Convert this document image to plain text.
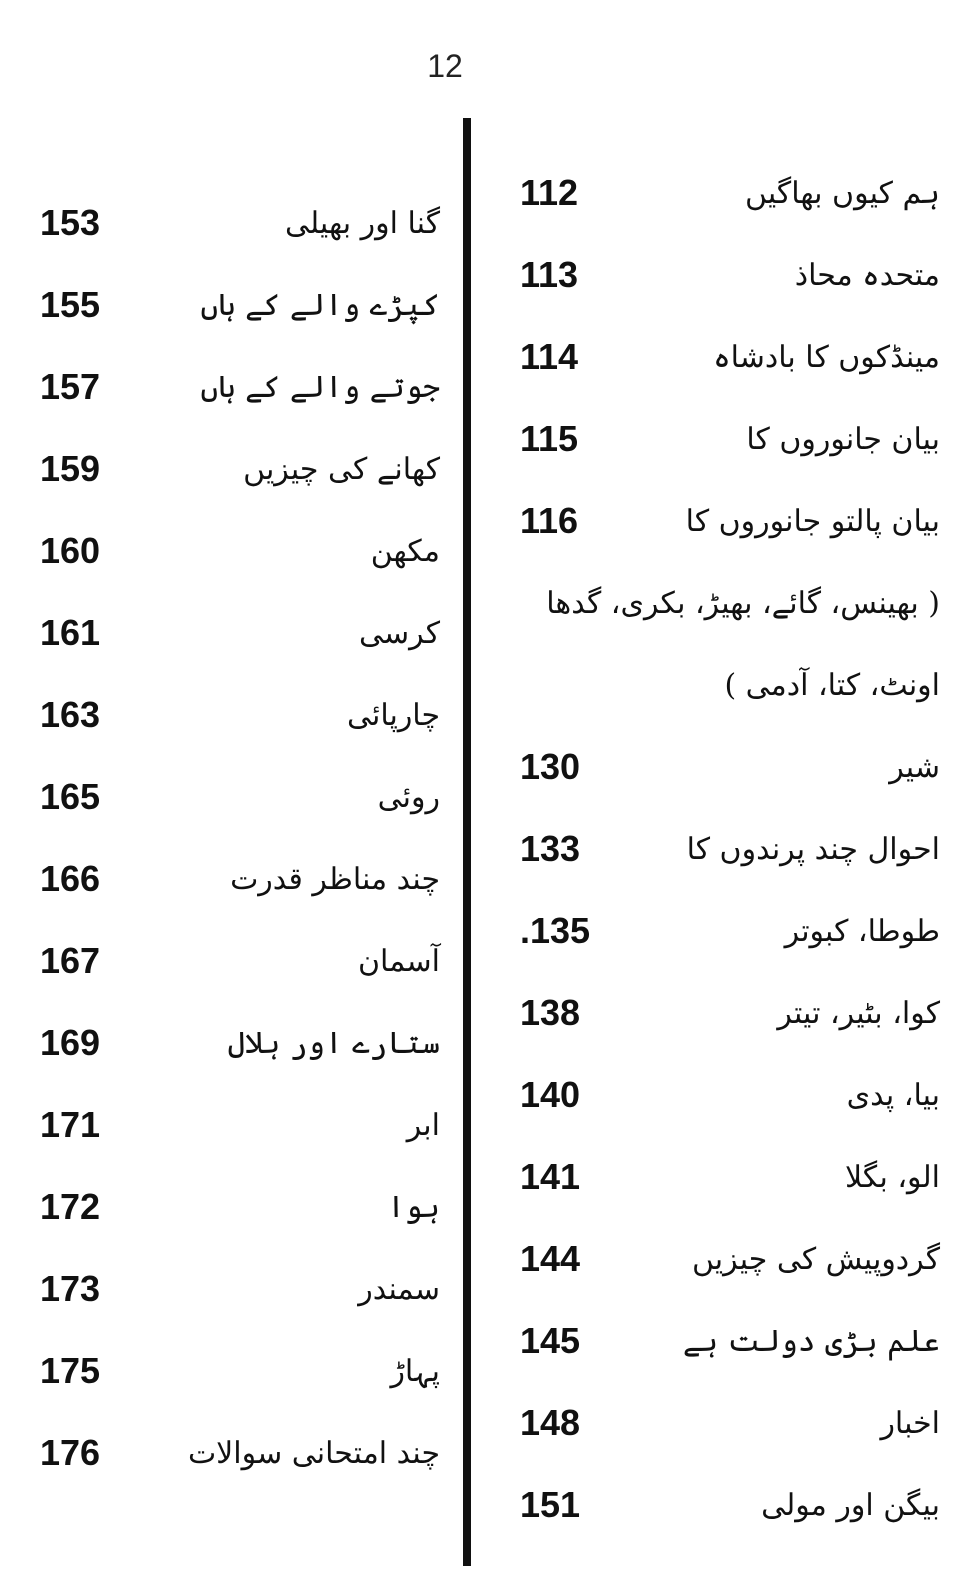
12
112	ہم کیوں بھاگیں
113	متحدہ محاذ
114	مینڈکوں کا بادشاہ
115	بیان جانوروں کا
116	بیان پالتو جانوروں کا
( بھینس، گائے، بھیڑ، بکری، گدھا
اونٹ، کتا، آدمی )
130	شیر
133	احوال چند پرندوں کا
.135	طوطا، کبوتر
138	کوا، بٹیر، تیتر
140	بیا، پدی
141	الو، بگلا
144	گردوپیش کی چیزیں
145	علم بڑی دولت ہے
148	اخبار
151	بیگن اور مولی
153	گنا اور بھیلی
155	کپڑے والے کے ہاں
157	جوتے والے کے ہاں
159	کھانے کی چیزیں
160	مکھن
161	کرسی
163	چارپائی
165	روئی
166	چند مناظر قدرت
167	آسمان
169	ستارے اور ہلال
171	ابر
172	ہوا
173	سمندر
175	پہاڑ
176	چند امتحانی سوالات
